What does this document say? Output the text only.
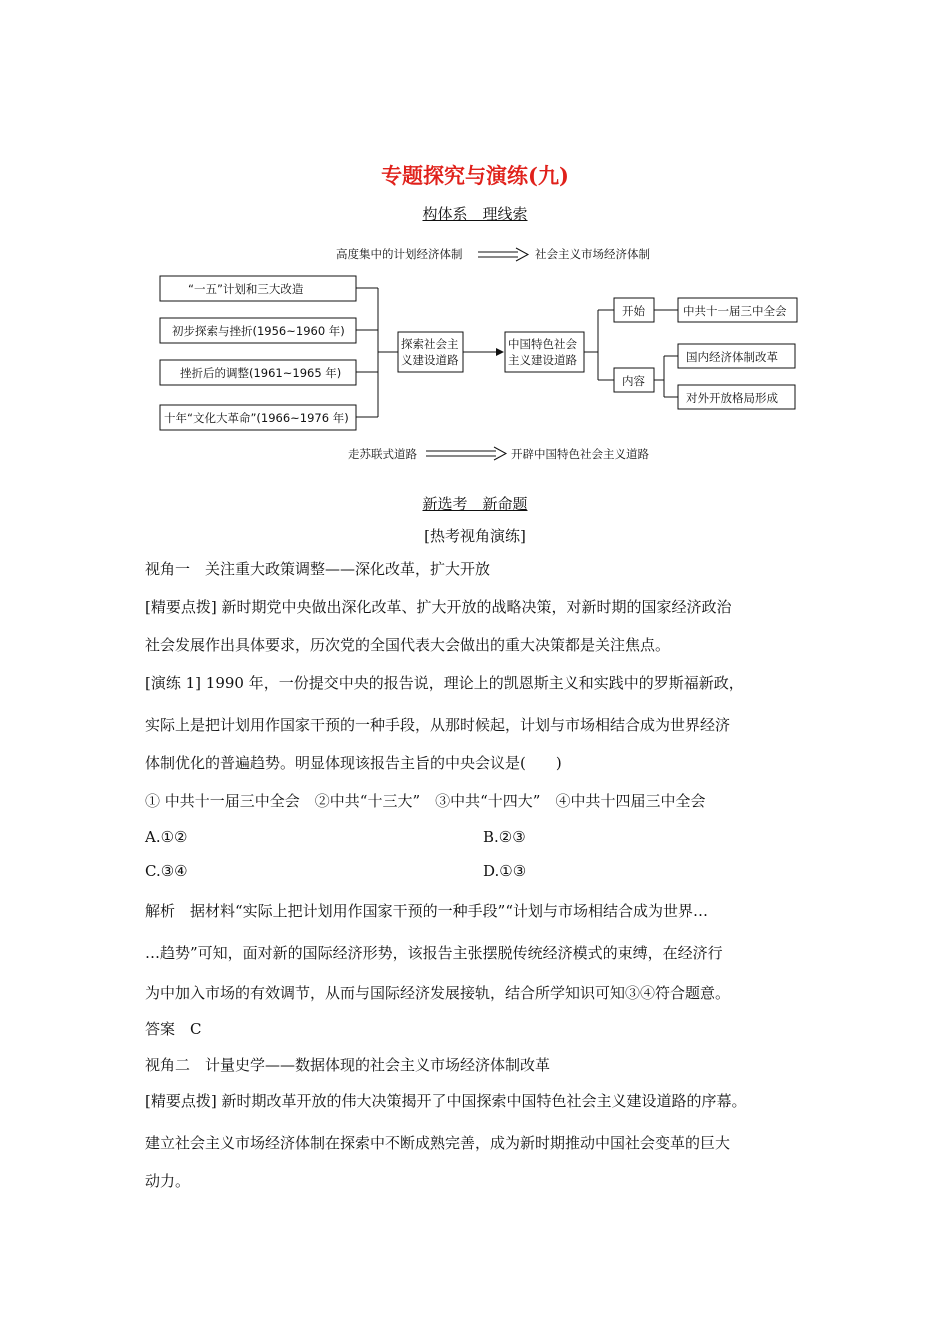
专题探究与演练(九)
构体系　理线索
高度集中的计划经济体制	社会主义市场经济体制
“一五”计划和三大改造
初步探索与挫折(1956~1960 年)
挫折后的调整(1961~1965 年)
十年“文化大革命”(1966~1976 年)
探索社会主
义建设道路
中国特色社会
主义建设道路
开始	中共十一届三中全会
内容
国内经济体制改革
对外开放格局形成
走苏联式道路	开辟中国特色社会主义道路
新选考　新命题
[热考视角演练]
视角一　关注重大政策调整——深化改革，扩大开放
[精要点拨] 新时期党中央做出深化改革、扩大开放的战略决策，对新时期的国家经济政治
社会发展作出具体要求，历次党的全国代表大会做出的重大决策都是关注焦点。
[演练 1] 1990 年，一份提交中央的报告说，理论上的凯恩斯主义和实践中的罗斯福新政，
实际上是把计划用作国家干预的一种手段，从那时候起，计划与市场相结合成为世界经济
体制优化的普遍趋势。明显体现该报告主旨的中央会议是(　　)
① 中共十一届三中全会　②中共“十三大”　③中共“十四大”　④中共十四届三中全会
A.①②	B.②③
C.③④	D.①③
解析　据材料“实际上把计划用作国家干预的一种手段”“计划与市场相结合成为世界…
…趋势”可知，面对新的国际经济形势，该报告主张摆脱传统经济模式的束缚，在经济行
为中加入市场的有效调节，从而与国际经济发展接轨，结合所学知识可知③④符合题意。
答案　C
视角二　计量史学——数据体现的社会主义市场经济体制改革
[精要点拨] 新时期改革开放的伟大决策揭开了中国探索中国特色社会主义建设道路的序幕。
建立社会主义市场经济体制在探索中不断成熟完善，成为新时期推动中国社会变革的巨大
动力。
